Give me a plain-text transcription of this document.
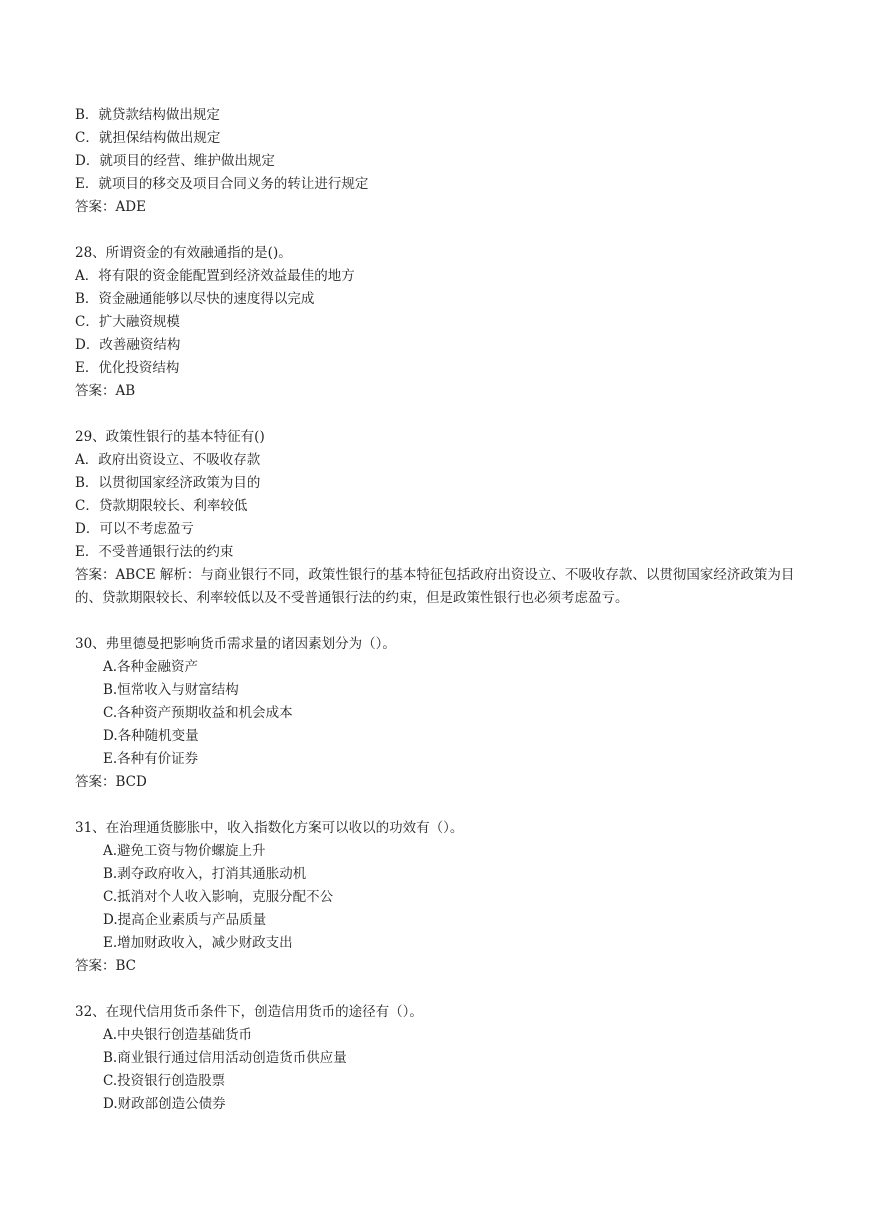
B．就贷款结构做出规定
C．就担保结构做出规定
D．就项目的经营、维护做出规定
E．就项目的移交及项目合同义务的转让进行规定
答案：ADE
28、所谓资金的有效融通指的是()。
A．将有限的资金能配置到经济效益最佳的地方
B．资金融通能够以尽快的速度得以完成
C．扩大融资规模
D．改善融资结构
E．优化投资结构
答案：AB
29、政策性银行的基本特征有()
A．政府出资设立、不吸收存款
B．以贯彻国家经济政策为目的
C．贷款期限较长、利率较低
D．可以不考虑盈亏
E．不受普通银行法的约束
答案：ABCE 解析：与商业银行不同，政策性银行的基本特征包括政府出资设立、不吸收存款、以贯彻国家经济政策为目的、贷款期限较长、利率较低以及不受普通银行法的约束，但是政策性银行也必须考虑盈亏。
30、弗里德曼把影响货币需求量的诸因素划分为（）。
A.各种金融资产
B.恒常收入与财富结构
C.各种资产预期收益和机会成本
D.各种随机变量
E.各种有价证券
答案：BCD
31、在治理通货膨胀中，收入指数化方案可以收以的功效有（）。
A.避免工资与物价螺旋上升
B.剥夺政府收入，打消其通胀动机
C.抵消对个人收入影响，克服分配不公
D.提高企业素质与产品质量
E.增加财政收入，减少财政支出
答案：BC
32、在现代信用货币条件下，创造信用货币的途径有（）。
A.中央银行创造基础货币
B.商业银行通过信用活动创造货币供应量
C.投资银行创造股票
D.财政部创造公债券
